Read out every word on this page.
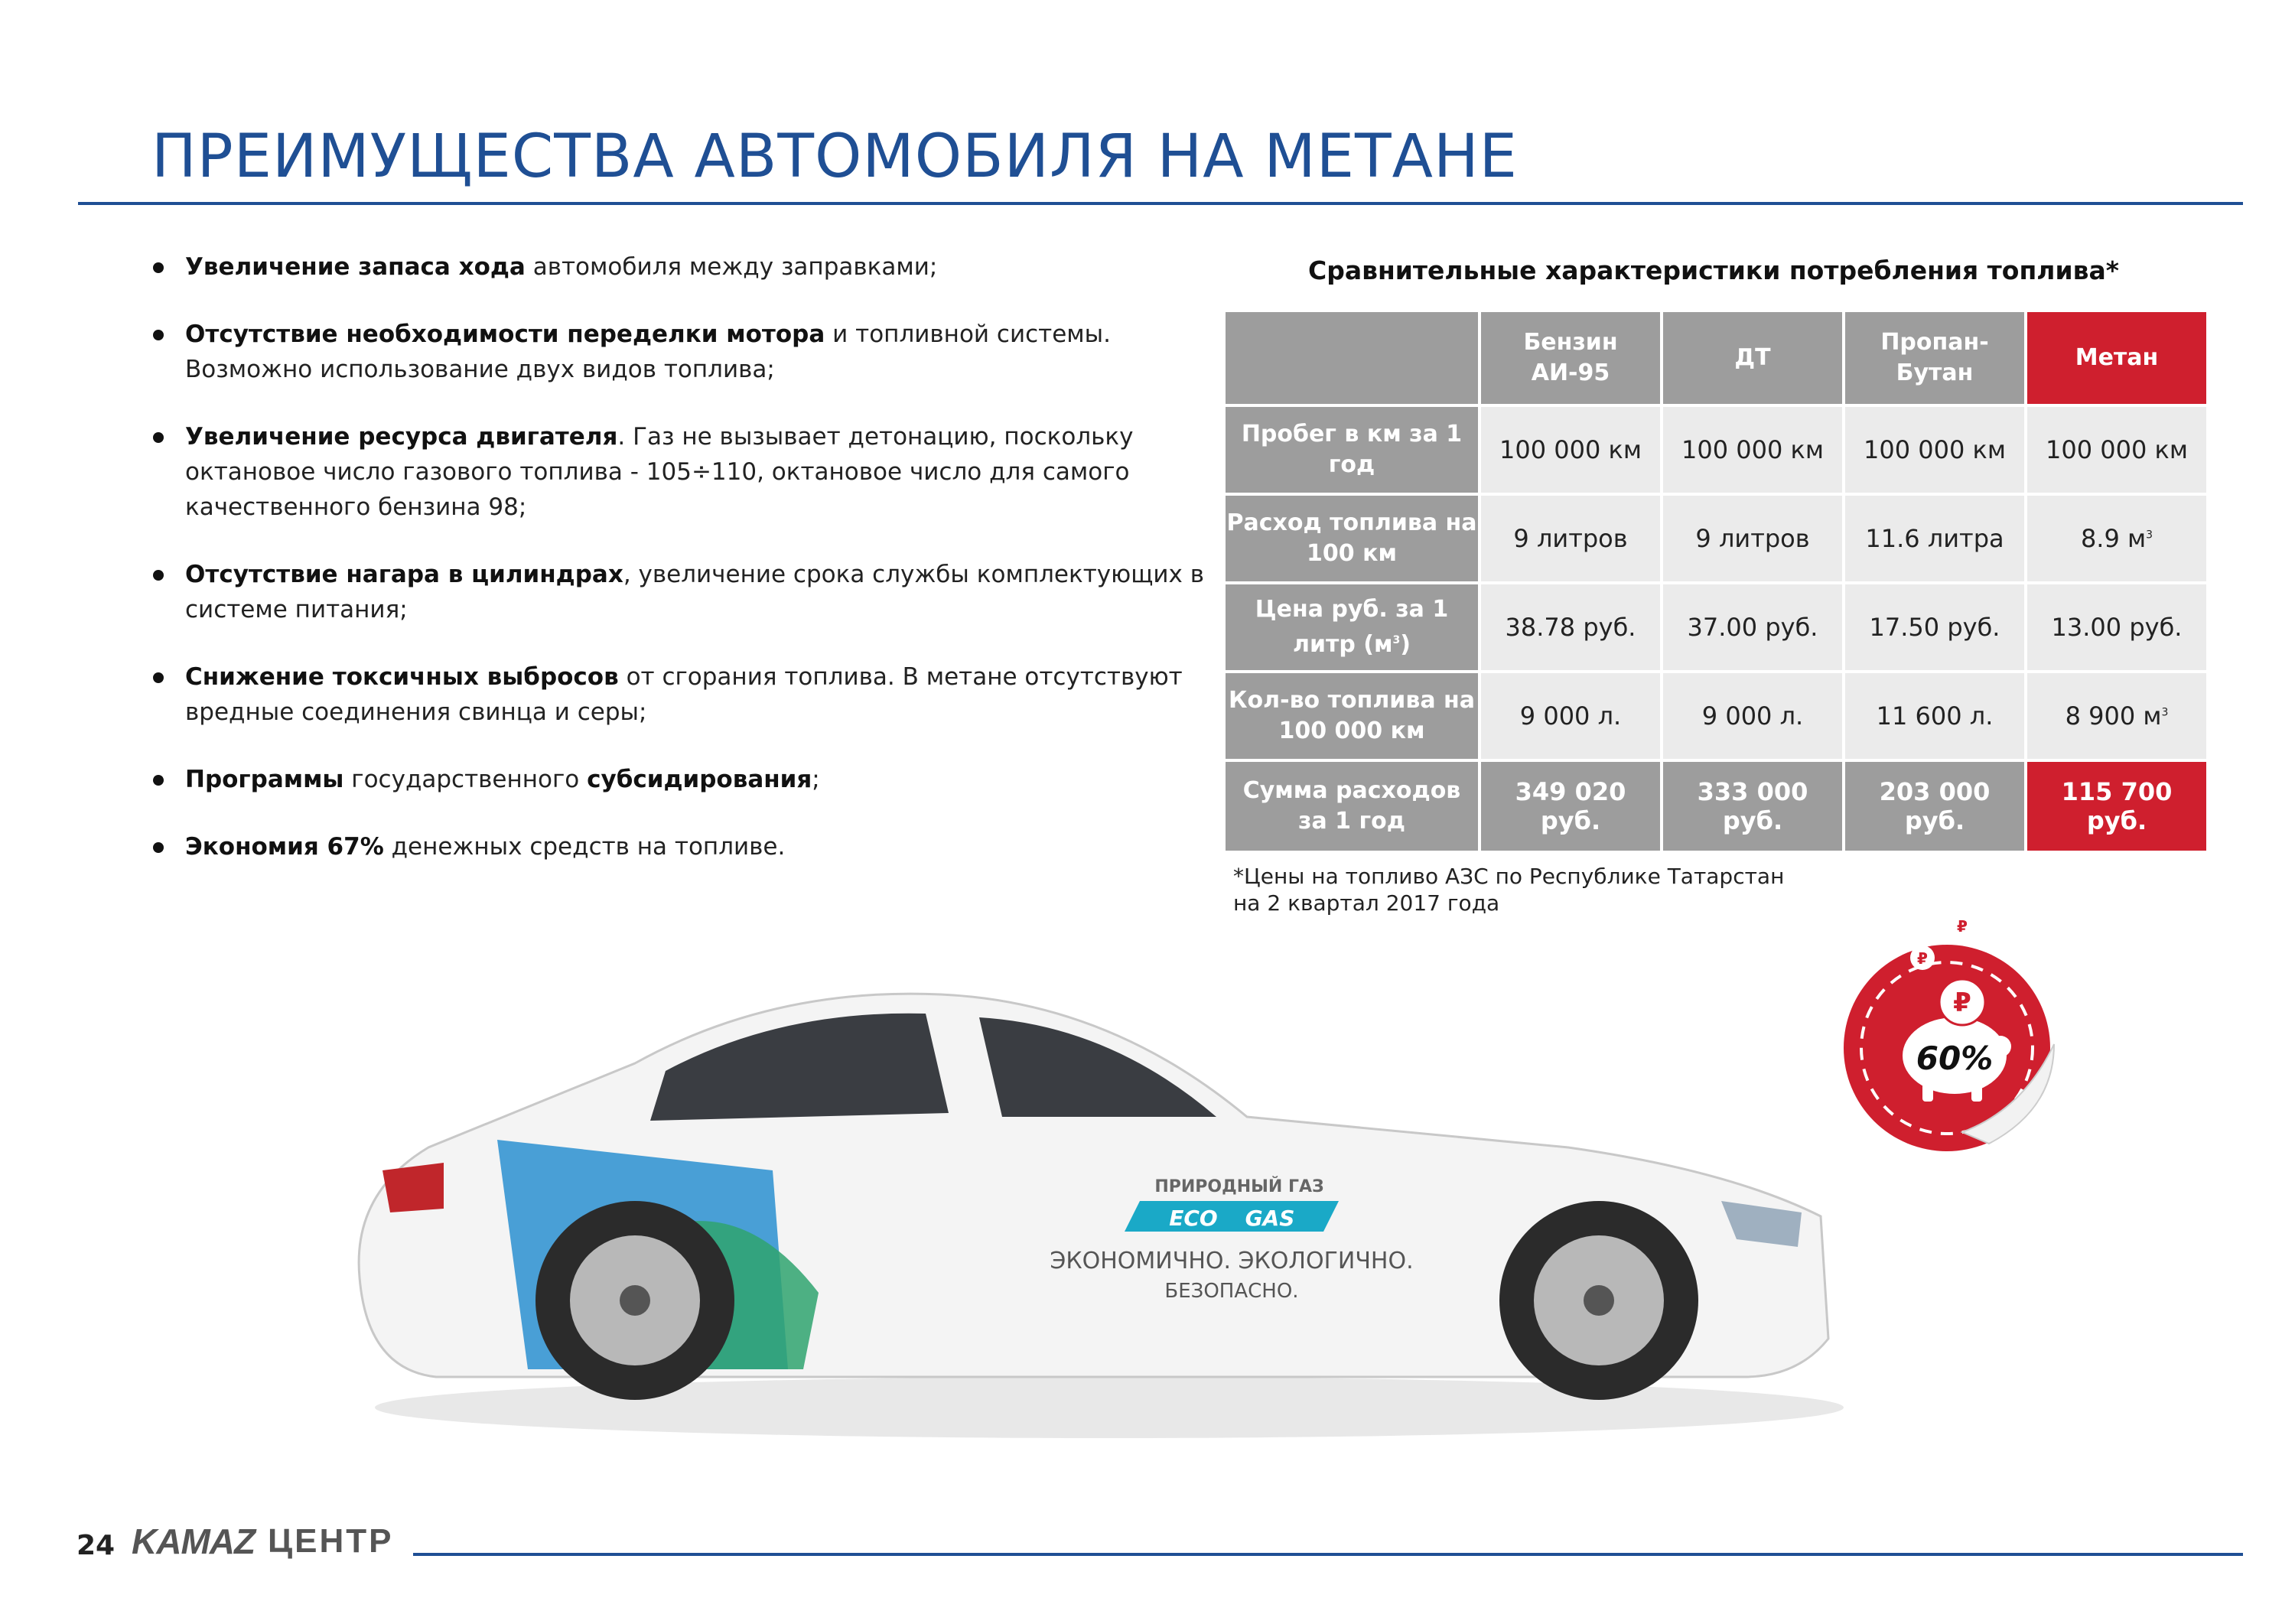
ПРЕИМУЩЕСТВА АВТОМОБИЛЯ НА МЕТАНЕ
Увеличение запаса хода автомобиля между заправками;
Отсутствие необходимости переделки мотора и топливной системы. Возможно использование двух видов топлива;
Увеличение ресурса двигателя. Газ не вызывает детонацию, поскольку октановое число газового топлива - 105÷110, октановое число для самого качественного бензина 98;
Отсутствие нагара в цилиндрах, увеличение срока службы комплектующих в системе питания;
Снижение токсичных выбросов от сгорания топлива. В метане отсутствуют вредные соединения свинца и серы;
Программы государственного субсидирования;
Экономия 67% денежных средств на топливе.
Сравнительные характеристики потребления топлива*
	Бензин АИ-95	ДТ	Пропан-Бутан	Метан
Пробег в км за 1 год	100 000 км	100 000 км	100 000 км	100 000 км
Расход топлива на 100 км	9 литров	9 литров	11.6 литра	8.9 $м^3$
Цена руб. за 1 литр $(м^3)$	38.78 руб.	37.00 руб.	17.50 руб.	13.00 руб.
Кол-во топлива на 100 000 км	9 000 л.	9 000 л.	11 600 л.	8 900 $м^3$
Сумма расходов за 1 год	349 020 руб.	333 000 руб.	203 000 руб.	115 700 руб.
*Цены на топливо АЗС по Республике Татарстан
на 2 квартал 2017 года
₽
₽
₽
60%
ПРИРОДНЫЙ ГАЗ
ECO GAS
ЭКОНОМИЧНО. ЭКОЛОГИЧНО.
БЕЗОПАСНО.
24 KAMAZ ЦЕНТР
